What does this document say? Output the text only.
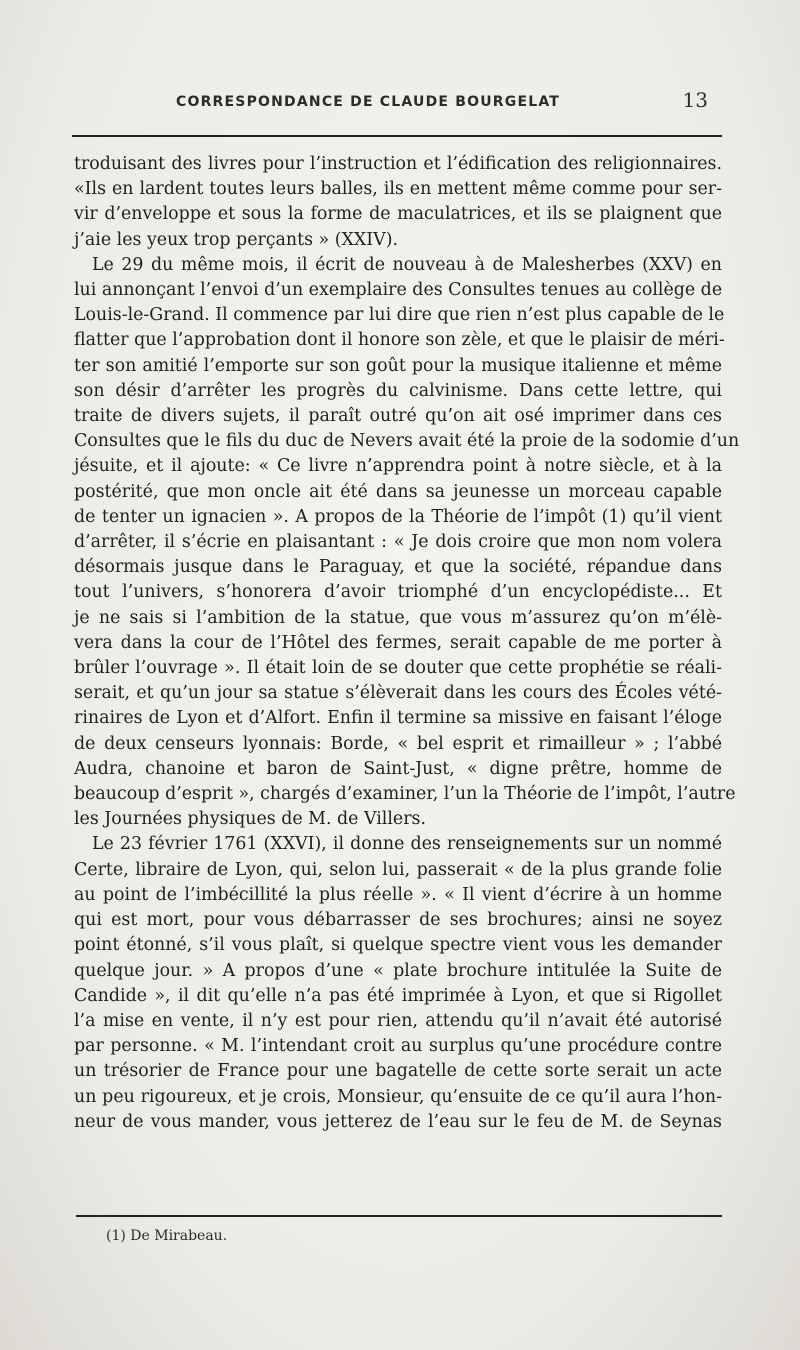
CORRESPONDANCE DE CLAUDE BOURGELAT	13
troduisant des livres pour l’instruction et l’édification des religionnaires.
«Ils en lardent toutes leurs balles, ils en mettent même comme pour ser-
vir d’enveloppe et sous la forme de maculatrices, et ils se plaignent que
j’aie les yeux trop perçants » (XXIV).
Le 29 du même mois, il écrit de nouveau à de Malesherbes (XXV) en
lui annonçant l’envoi d’un exemplaire des Consultes tenues au collège de
Louis-le-Grand. Il commence par lui dire que rien n’est plus capable de le
flatter que l’approbation dont il honore son zèle, et que le plaisir de méri-
ter son amitié l’emporte sur son goût pour la musique italienne et même
son désir d’arrêter les progrès du calvinisme. Dans cette lettre, qui
traite de divers sujets, il paraît outré qu’on ait osé imprimer dans ces
Consultes que le fils du duc de Nevers avait été la proie de la sodomie d’un
jésuite, et il ajoute: « Ce livre n’apprendra point à notre siècle, et à la
postérité, que mon oncle ait été dans sa jeunesse un morceau capable
de tenter un ignacien ». A propos de la Théorie de l’impôt (1) qu’il vient
d’arrêter, il s’écrie en plaisantant : « Je dois croire que mon nom volera
désormais jusque dans le Paraguay, et que la société, répandue dans
tout l’univers, s’honorera d’avoir triomphé d’un encyclopédiste... Et
je ne sais si l’ambition de la statue, que vous m’assurez qu’on m’élè-
vera dans la cour de l’Hôtel des fermes, serait capable de me porter à
brûler l’ouvrage ». Il était loin de se douter que cette prophétie se réali-
serait, et qu’un jour sa statue s’élèverait dans les cours des Écoles vété-
rinaires de Lyon et d’Alfort. Enfin il termine sa missive en faisant l’éloge
de deux censeurs lyonnais: Borde, « bel esprit et rimailleur » ; l’abbé
Audra, chanoine et baron de Saint-Just, « digne prêtre, homme de
beaucoup d’esprit », chargés d’examiner, l’un la Théorie de l’impôt, l’autre
les Journées physiques de M. de Villers.
Le 23 février 1761 (XXVI), il donne des renseignements sur un nommé
Certe, libraire de Lyon, qui, selon lui, passerait « de la plus grande folie
au point de l’imbécillité la plus réelle ». « Il vient d’écrire à un homme
qui est mort, pour vous débarrasser de ses brochures; ainsi ne soyez
point étonné, s’il vous plaît, si quelque spectre vient vous les demander
quelque jour. » A propos d’une « plate brochure intitulée la Suite de
Candide », il dit qu’elle n’a pas été imprimée à Lyon, et que si Rigollet
l’a mise en vente, il n’y est pour rien, attendu qu’il n’avait été autorisé
par personne. « M. l’intendant croit au surplus qu’une procédure contre
un trésorier de France pour une bagatelle de cette sorte serait un acte
un peu rigoureux, et je crois, Monsieur, qu’ensuite de ce qu’il aura l’hon-
neur de vous mander, vous jetterez de l’eau sur le feu de M. de Seynas
(1) De Mirabeau.
